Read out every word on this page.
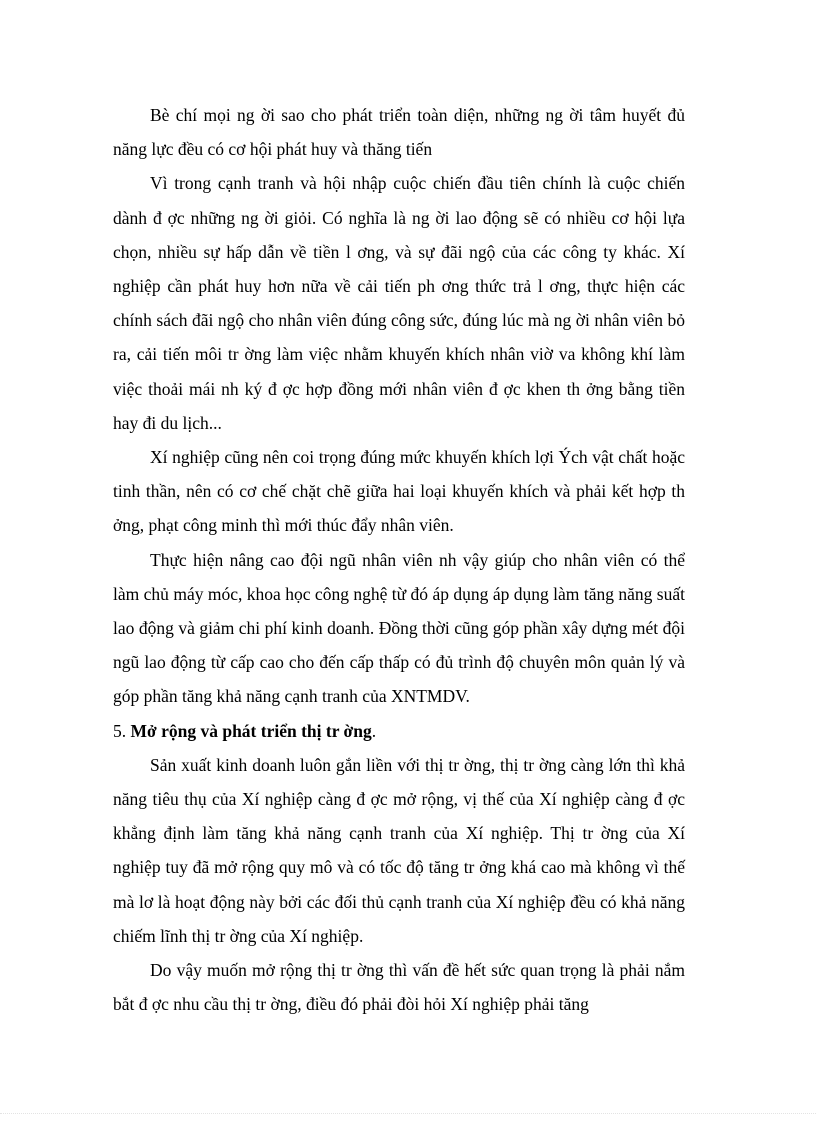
Bè chí mọi ng ời sao cho phát triển toàn diện, những ng ời tâm huyết đủ năng lực đều có cơ hội phát huy và thăng tiến

Vì trong cạnh tranh và hội nhập cuộc chiến đầu tiên chính là cuộc chiến dành đ ợc những ng ời giỏi. Có nghĩa là ng ời lao động sẽ có nhiều cơ hội lựa chọn, nhiều sự hấp dẫn về tiền l ơng, và sự đãi ngộ của các công ty khác. Xí nghiệp cần phát huy hơn nữa về cải tiến ph ơng thức trả l ơng, thực hiện các chính sách đãi ngộ cho nhân viên đúng công sức, đúng lúc mà ng ời nhân viên bỏ ra, cải tiến môi tr ờng làm việc nhằm khuyến khích nhân viờ va không khí làm việc thoải mái nh ký đ ợc hợp đồng mới nhân viên đ ợc khen th ởng bằng tiền hay đi du lịch...

Xí nghiệp cũng nên coi trọng đúng mức khuyến khích lợi Ých vật chất hoặc tinh thần, nên có cơ chế chặt chẽ giữa hai loại khuyến khích và phải kết hợp th ởng, phạt công minh thì mới thúc đẩy nhân viên.

Thực hiện nâng cao đội ngũ nhân viên nh vậy giúp cho nhân viên có thể làm chủ máy móc, khoa học công nghệ từ đó áp dụng áp dụng làm tăng năng suất lao động và giảm chi phí kinh doanh. Đồng thời cũng góp phần xây dựng mét đội ngũ lao động từ cấp cao cho đến cấp thấp có đủ trình độ chuyên môn quản lý và góp phần tăng khả năng cạnh tranh của XNTMDV.

5. Mở rộng và phát triển thị tr ờng.

Sản xuất kinh doanh luôn gắn liền với thị tr ờng, thị tr ờng càng lớn thì khả năng tiêu thụ của Xí nghiệp càng đ ợc mở rộng, vị thế của Xí nghiệp càng đ ợc khẳng định làm tăng khả năng cạnh tranh của Xí nghiệp. Thị tr ờng của Xí nghiệp tuy đã mở rộng quy mô và có tốc độ tăng tr ởng khá cao mà không vì thế mà lơ là hoạt động này bởi các đối thủ cạnh tranh của Xí nghiệp đều có khả năng chiếm lĩnh thị tr ờng của Xí nghiệp.

Do vậy muốn mở rộng thị tr ờng thì vấn đề hết sức quan trọng là phải nắm bắt đ ợc nhu cầu thị tr ờng, điều đó phải đòi hỏi Xí nghiệp phải tăng
